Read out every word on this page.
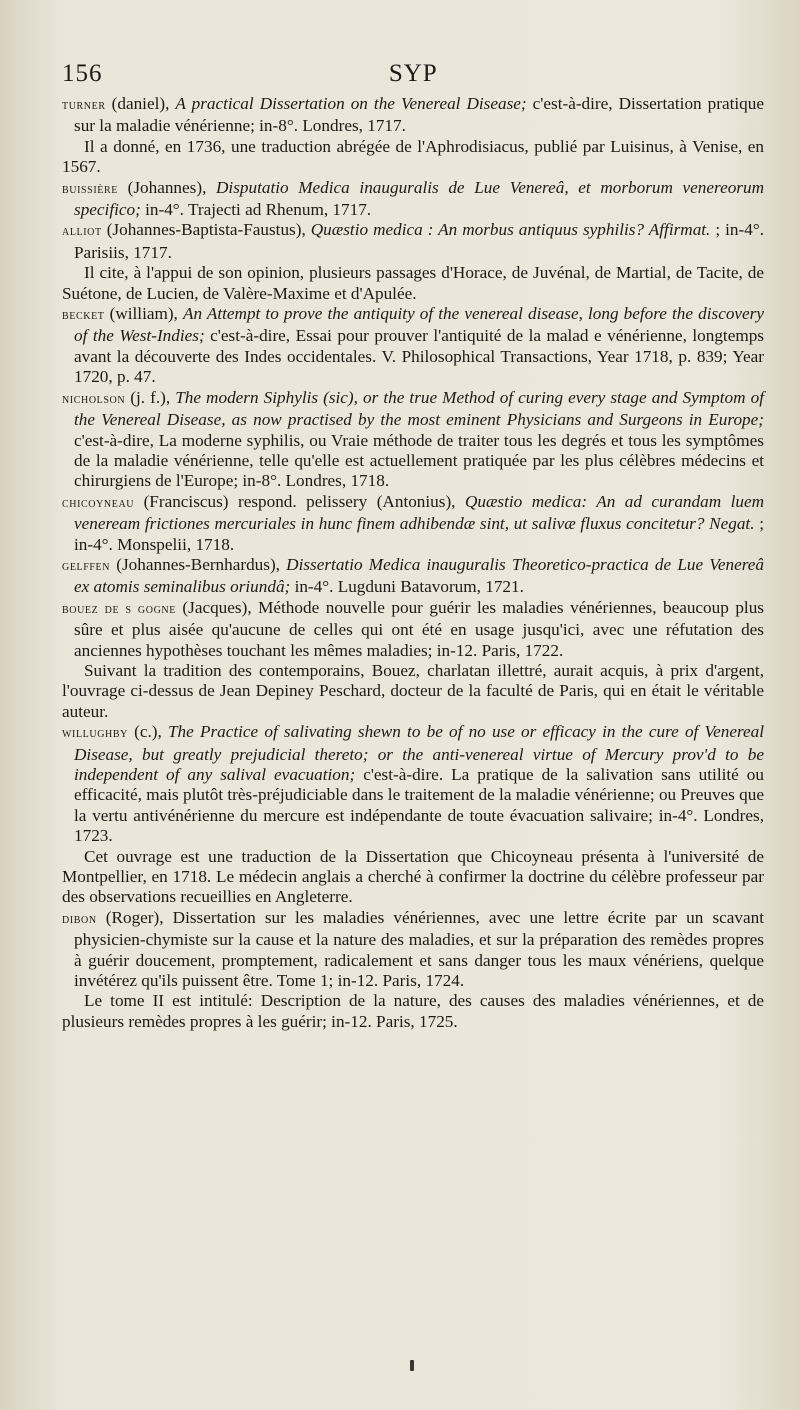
156	SYP

turner (daniel), A practical Dissertation on the Venereal Disease; c'est-à-dire, Dissertation pratique sur la maladie vénérienne; in-8°. Londres, 1717.

Il a donné, en 1736, une traduction abrégée de l'Aphrodisiacus, publié par Luisinus, à Venise, en 1567.

buissière (Johannes), Disputatio Medica inauguralis de Lue Venereâ, et morborum venereorum specifico; in-4°. Trajecti ad Rhenum, 1717.

alliot (Johannes-Baptista-Faustus), Quæstio medica : An morbus antiquus syphilis? Affirmat. ; in-4°. Parisiis, 1717.

Il cite, à l'appui de son opinion, plusieurs passages d'Horace, de Juvénal, de Martial, de Tacite, de Suétone, de Lucien, de Valère-Maxime et d'Apulée.

becket (william), An Attempt to prove the antiquity of the venereal disease, long before the discovery of the West-Indies; c'est-à-dire, Essai pour prouver l'antiquité de la malad e vénérienne, longtemps avant la découverte des Indes occidentales. V. Philosophical Transactions, Year 1718, p. 839; Year 1720, p. 47.

nicholson (j. f.), The modern Siphylis (sic), or the true Method of curing every stage and Symptom of the Venereal Disease, as now practised by the most eminent Physicians and Surgeons in Europe; c'est-à-dire, La moderne syphilis, ou Vraie méthode de traiter tous les degrés et tous les symptômes de la maladie vénérienne, telle qu'elle est actuellement pratiquée par les plus célèbres médecins et chirurgiens de l'Europe; in-8°. Londres, 1718.

chicoyneau (Franciscus) respond. pelissery (Antonius), Quæstio medica: An ad curandam luem veneream frictiones mercuriales in hunc finem adhibendæ sint, ut salivæ fluxus concitetur? Negat. ; in-4°. Monspelii, 1718.

gelffen (Johannes-Bernhardus), Dissertatio Medica inauguralis Theoretico-practica de Lue Venereâ ex atomis seminalibus oriundâ; in-4°. Lugduni Batavorum, 1721.

bouez de s gogne (Jacques), Méthode nouvelle pour guérir les maladies vénériennes, beaucoup plus sûre et plus aisée qu'aucune de celles qui ont été en usage jusqu'ici, avec une réfutation des anciennes hypothèses touchant les mêmes maladies; in-12. Paris, 1722.

Suivant la tradition des contemporains, Bouez, charlatan illettré, aurait acquis, à prix d'argent, l'ouvrage ci-dessus de Jean Depiney Peschard, docteur de la faculté de Paris, qui en était le véritable auteur.

willughby (c.), The Practice of salivating shewn to be of no use or efficacy in the cure of Venereal Disease, but greatly prejudicial thereto; or the anti-venereal virtue of Mercury prov'd to be independent of any salival evacuation; c'est-à-dire. La pratique de la salivation sans utilité ou efficacité, mais plutôt très-préjudiciable dans le traitement de la maladie vénérienne; ou Preuves que la vertu antivénérienne du mercure est indépendante de toute évacuation salivaire; in-4°. Londres, 1723.

Cet ouvrage est une traduction de la Dissertation que Chicoyneau présenta à l'université de Montpellier, en 1718. Le médecin anglais a cherché à confirmer la doctrine du célèbre professeur par des observations recueillies en Angleterre.

dibon (Roger), Dissertation sur les maladies vénériennes, avec une lettre écrite par un scavant physicien-chymiste sur la cause et la nature des maladies, et sur la préparation des remèdes propres à guérir doucement, promptement, radicalement et sans danger tous les maux vénériens, quelque invétérez qu'ils puissent être. Tome 1; in-12. Paris, 1724.

Le tome II est intitulé: Description de la nature, des causes des maladies vénériennes, et de plusieurs remèdes propres à les guérir; in-12. Paris, 1725.
